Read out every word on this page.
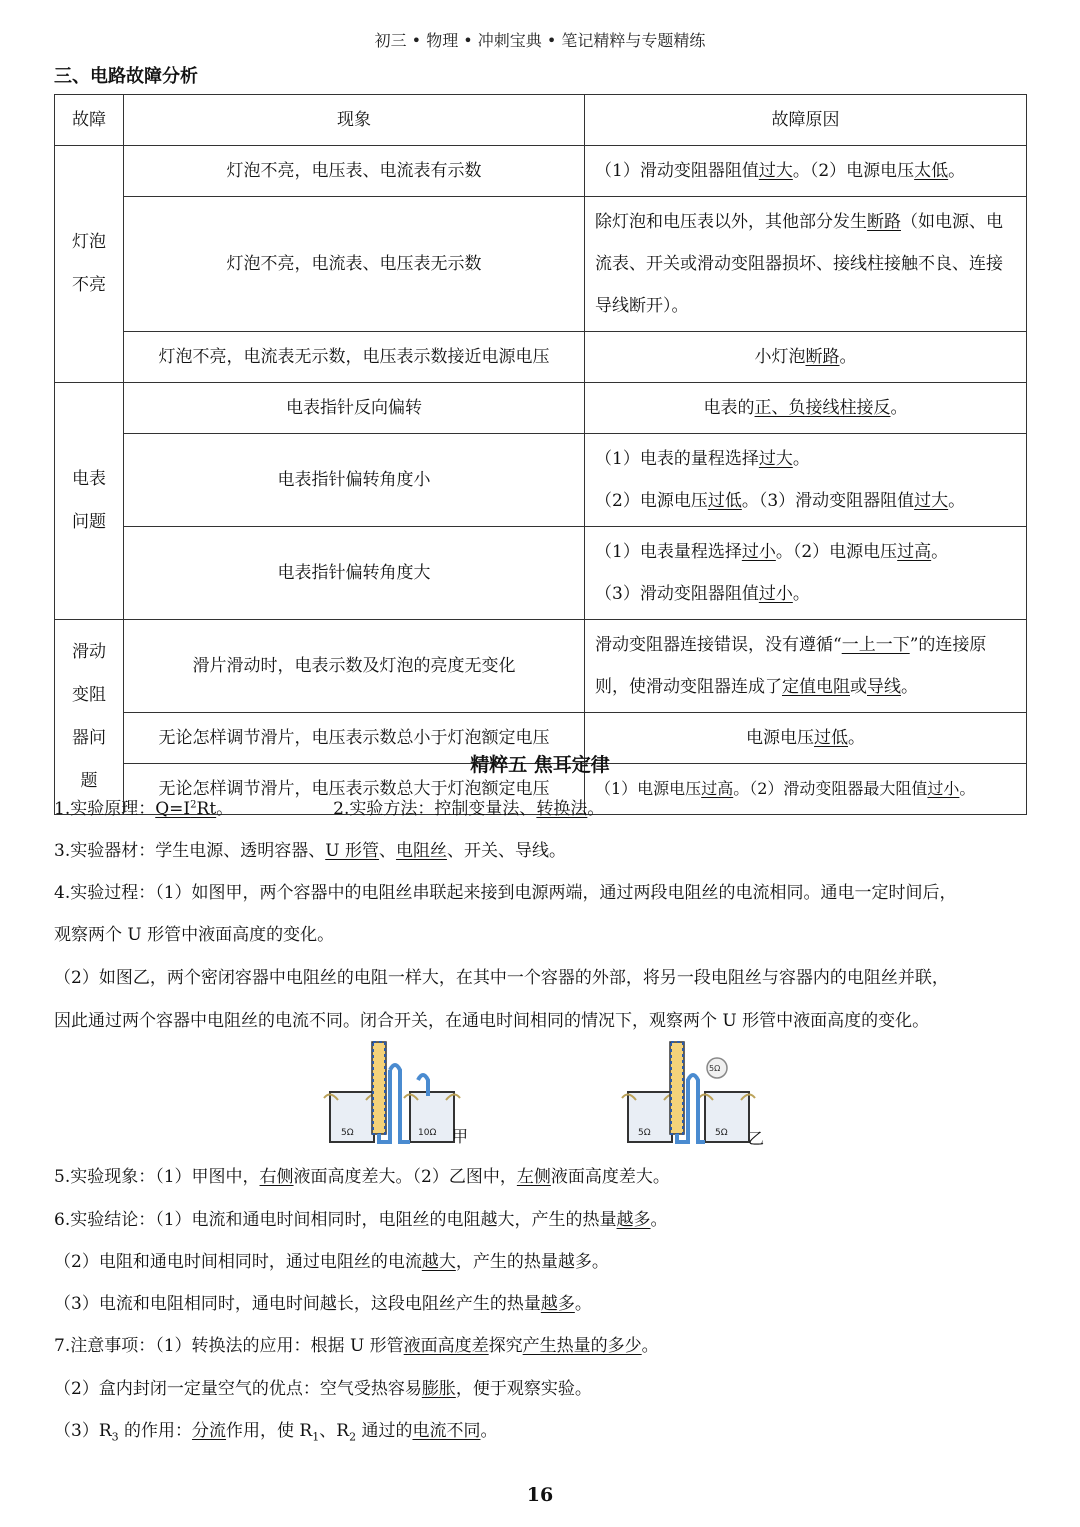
初三 • 物理 • 冲刺宝典 • 笔记精粹与专题精练
三、电路故障分析
故障	现象	故障原因

灯泡不亮	灯泡不亮，电压表、电流表有示数	（1）滑动变阻器阻值过大。（2）电源电压太低。
	灯泡不亮，电流表、电压表无示数	除灯泡和电压表以外，其他部分发生断路（如电源、电流表、开关或滑动变阻器损坏、接线柱接触不良、连接导线断开）。
	灯泡不亮，电流表无示数，电压表示数接近电源电压	小灯泡断路。

电表问题	电表指针反向偏转	电表的正、负接线柱接反。
	电表指针偏转角度小	（1）电表的量程选择过大。
（2）电源电压过低。（3）滑动变阻器阻值过大。
	电表指针偏转角度大	（1）电表量程选择过小。（2）电源电压过高。
（3）滑动变阻器阻值过小。

滑动变阻器问题	滑片滑动时，电表示数及灯泡的亮度无变化	滑动变阻器连接错误，没有遵循“一上一下”的连接原则，使滑动变阻器连成了定值电阻或导线。
	无论怎样调节滑片，电压表示数总小于灯泡额定电压	电源电压过低。
	无论怎样调节滑片，电压表示数总大于灯泡额定电压	（1）电源电压过高。（2）滑动变阻器最大阻值过小。
精粹五 焦耳定律
1.实验原理：$Q=I^2Rt$。	2.实验方法：控制变量法、转换法。
3.实验器材：学生电源、透明容器、U 形管、电阻丝、开关、导线。
4.实验过程：（1）如图甲，两个容器中的电阻丝串联起来接到电源两端，通过两段电阻丝的电流相同。通电一定时间后，
观察两个 U 形管中液面高度的变化。
（2）如图乙，两个密闭容器中电阻丝的电阻一样大，在其中一个容器的外部，将另一段电阻丝与容器内的电阻丝并联，
因此通过两个容器中电阻丝的电流不同。闭合开关，在通电时间相同的情况下，观察两个 U 形管中液面高度的变化。
5Ω	10Ω 甲
5Ω
5Ω	5Ω 乙
5.实验现象：（1）甲图中，右侧液面高度差大。（2）乙图中，左侧液面高度差大。
6.实验结论：（1）电流和通电时间相同时，电阻丝的电阻越大，产生的热量越多。
（2）电阻和通电时间相同时，通过电阻丝的电流越大，产生的热量越多。
（3）电流和电阻相同时，通电时间越长，这段电阻丝产生的热量越多。
7.注意事项：（1）转换法的应用：根据 U 形管液面高度差探究产生热量的多少。
（2）盒内封闭一定量空气的优点：空气受热容易膨胀，便于观察实验。
$(3)R_3$ 的作用：分流作用，使 $R_1$、$R_2$ 通过的电流不同。
16
